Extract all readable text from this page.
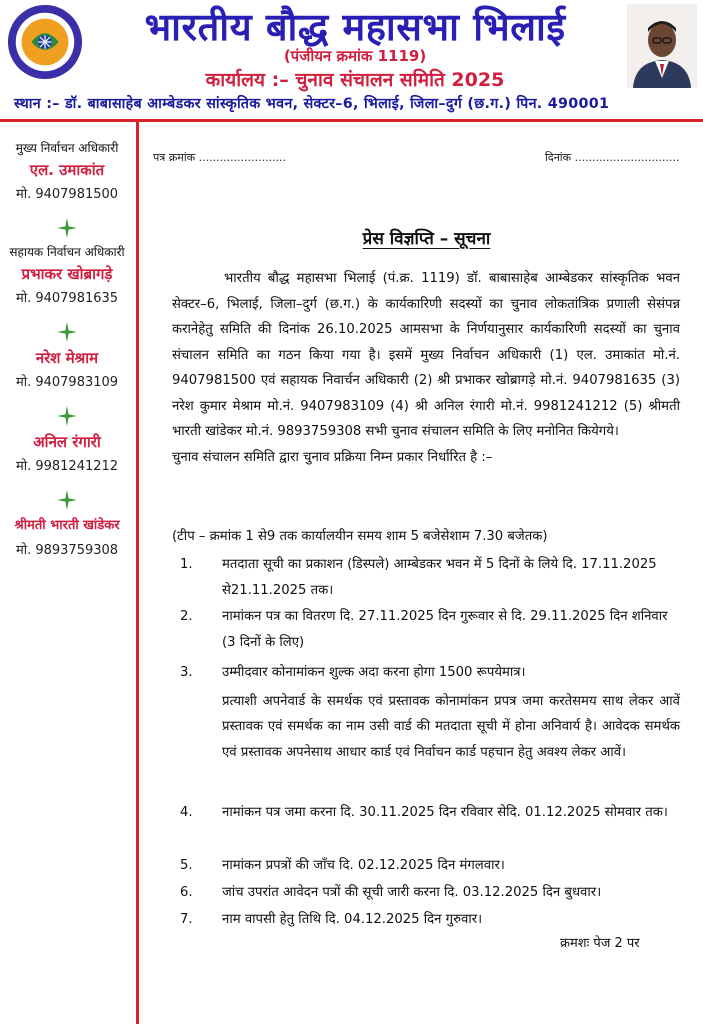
भारतीय बौद्ध महासभा भिलाई
(पंजीयन क्रमांक 1119)
कार्यालय :– चुनाव संचालन समिति 2025
स्थान :– डॉ. बाबासाहेब आम्बेडकर सांस्कृतिक भवन, सेक्टर–6, भिलाई, जिला–दुर्ग (छ.ग.) पिन. 490001

मुख्य निर्वाचन अधिकारी

एल. उमाकांत

मो. 9407981500

सहायक निर्वाचन अधिकारी

प्रभाकर खोब्रागड़े

मो. 9407981635

नरेश मेश्राम

मो. 9407983109

अनिल रंगारी

मो. 9981241212

श्रीमती भारती खांडेकर

मो. 9893759308

पत्र क्रमांक .........................	दिनांक ..............................
प्रेस विज्ञप्ति – सूचना

भारतीय बौद्ध महासभा भिलाई (पं.क्र. 1119) डॉ. बाबासाहेब आम्बेडकर सांस्कृतिक भवन सेक्टर–6, भिलाई, जिला–दुर्ग (छ.ग.) के कार्यकारिणी सदस्यों का चुनाव लोकतांत्रिक प्रणाली सेसंपन्न करानेहेतु समिति की दिनांक 26.10.2025 आमसभा के निर्णयानुसार कार्यकारिणी सदस्यों का चुनाव संचालन समिति का गठन किया गया है। इसमें मुख्य निर्वाचन अधिकारी (1) एल. उमाकांत मो.नं. 9407981500 एवं सहायक निवार्चन अधिकारी (2) श्री प्रभाकर खोब्रागड़े मो.नं. 9407981635 (3) नरेश कुमार मेश्राम मो.नं. 9407983109 (4) श्री अनिल रंगारी मो.नं. 9981241212 (5) श्रीमती भारती खांडेकर मो.नं. 9893759308 सभी चुनाव संचालन समिति के लिए मनोनित कियेगये।

चुनाव संचालन समिति द्वारा चुनाव प्रक्रिया निम्न प्रकार निर्धारित है :–

(टीप – क्रमांक 1 से9 तक कार्यालयीन समय शाम 5 बजेसेशाम 7.30 बजेतक)
1.	मतदाता सूची का प्रकाशन (डिस्पले) आम्बेडकर भवन में 5 दिनों के लिये दि. 17.11.2025 से21.11.2025 तक।

2.	नामांकन पत्र का वितरण दि. 27.11.2025 दिन गुरूवार से दि. 29.11.2025 दिन शनिवार (3 दिनों के लिए)

3.	उम्मीदवार कोनामांकन शुल्क अदा करना होगा 1500 रूपयेमात्र।

प्रत्याशी अपनेवार्ड के समर्थक एवं प्रस्तावक कोनामांकन प्रपत्र जमा करतेसमय साथ लेकर आवें प्रस्तावक एवं समर्थक का नाम उसी वार्ड की मतदाता सूची में होना अनिवार्य है। आवेदक समर्थक एवं प्रस्तावक अपनेसाथ आधार कार्ड एवं निर्वाचन कार्ड पहचान हेतु अवश्य लेकर आवें।

4.	नामांकन पत्र जमा करना दि. 30.11.2025 दिन रविवार सेदि. 01.12.2025 सोमवार तक।

5.	नामांकन प्रपत्रों की जाँच दि. 02.12.2025 दिन मंगलवार।

6.	जांच उपरांत आवेदन पत्रों की सूची जारी करना दि. 03.12.2025 दिन बुधवार।

7.	नाम वापसी हेतु तिथि दि. 04.12.2025 दिन गुरुवार।

क्रमशः पेज 2 पर
